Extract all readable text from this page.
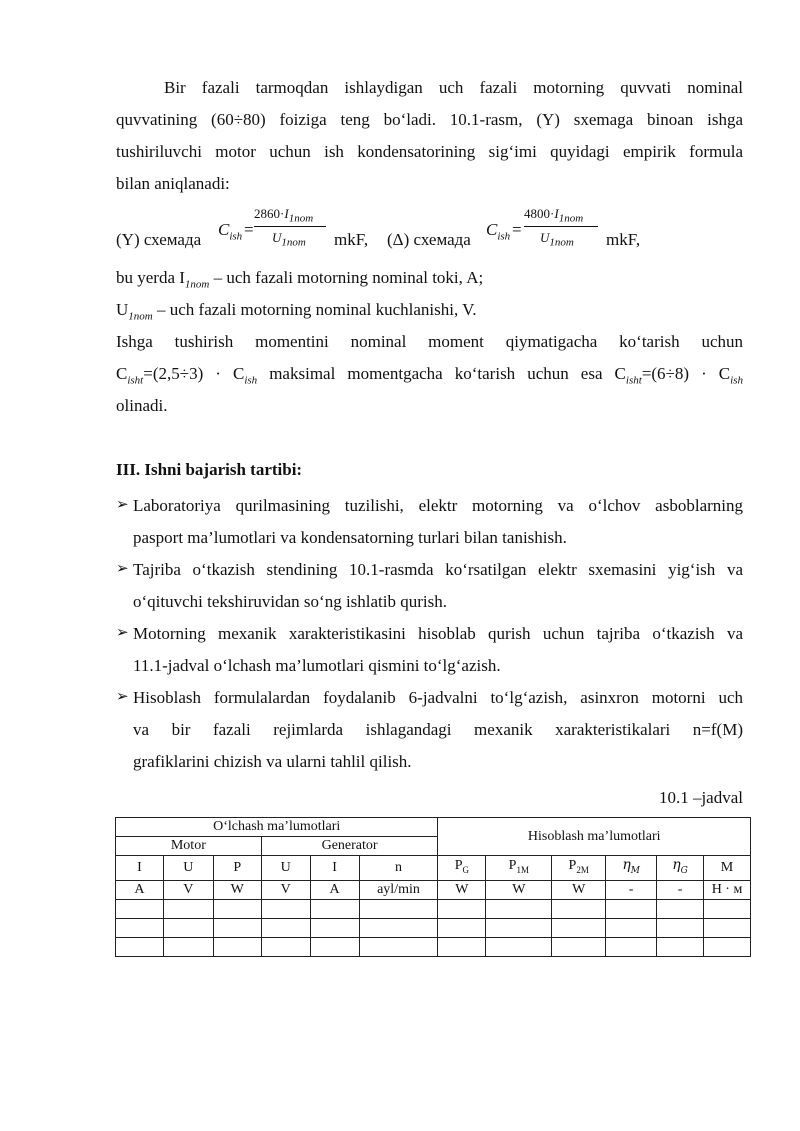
Bir fazali tarmoqdan ishlaydigan uch fazali motorning quvvati nominal

quvvatining (60÷80) foiziga teng bo‘ladi. 10.1-rasm, (Y) sxemaga binoan ishga

tushiriluvchi motor uchun ish kondensatorining sig‘imi quyidagi empirik formula

bilan aniqlanadi:

(Y) схемада
$C_{ish}$ =
$2860\cdot I_{1nom}$
$U_{1nom}$ mkF, (Δ) схемада
$C_{ish}$ =
$4800\cdot I_{1nom}$
$U_{1nom}$ mkF,

bu yerda $I_{1nom}$ – uch fazali motorning nominal toki, A;

$U_{1nom}$ – uch fazali motorning nominal kuchlanishi, V.

Ishga tushirish momentini nominal moment qiymatigacha ko‘tarish uchun

$C_{isht}=(2,5\div 3) \cdot C_{ish}$ maksimal momentgacha ko‘tarish uchun esa $C_{isht}=(6\div 8) \cdot C_{ish}$

olinadi.

III. Ishni bajarish tartibi:

➢ Laboratoriya qurilmasining tuzilishi, elektr motorning va o‘lchov asboblarning
pasport ma’lumotlari va kondensatorning turlari bilan tanishish.
➢ Tajriba o‘tkazish stendining 10.1-rasmda ko‘rsatilgan elektr sxemasini yig‘ish va
o‘qituvchi tekshiruvidan so‘ng ishlatib qurish.
➢ Motorning mexanik xarakteristikasini hisoblab qurish uchun tajriba o‘tkazish va
11.1-jadval o‘lchash ma’lumotlari qismini to‘lg‘azish.
➢ Hisoblash formulalardan foydalanib 6-jadvalni to‘lg‘azish, asinxron motorni uch
va bir fazali rejimlarda ishlagandagi mexanik xarakteristikalari n=f(M)
grafiklarini chizish va ularni tahlil qilish.
10.1 –jadval
O‘lchash ma’lumotlari						Hisoblash ma’lumotlari					
Motor			Generator								
I	U	P	U	I	n	$P_G$	$P_{1M}$	$P_{2M}$	$\eta_M$	$\eta_G$	M
A	V	W	V	A	ayl/min	W	W	W	-	-	Н · м
